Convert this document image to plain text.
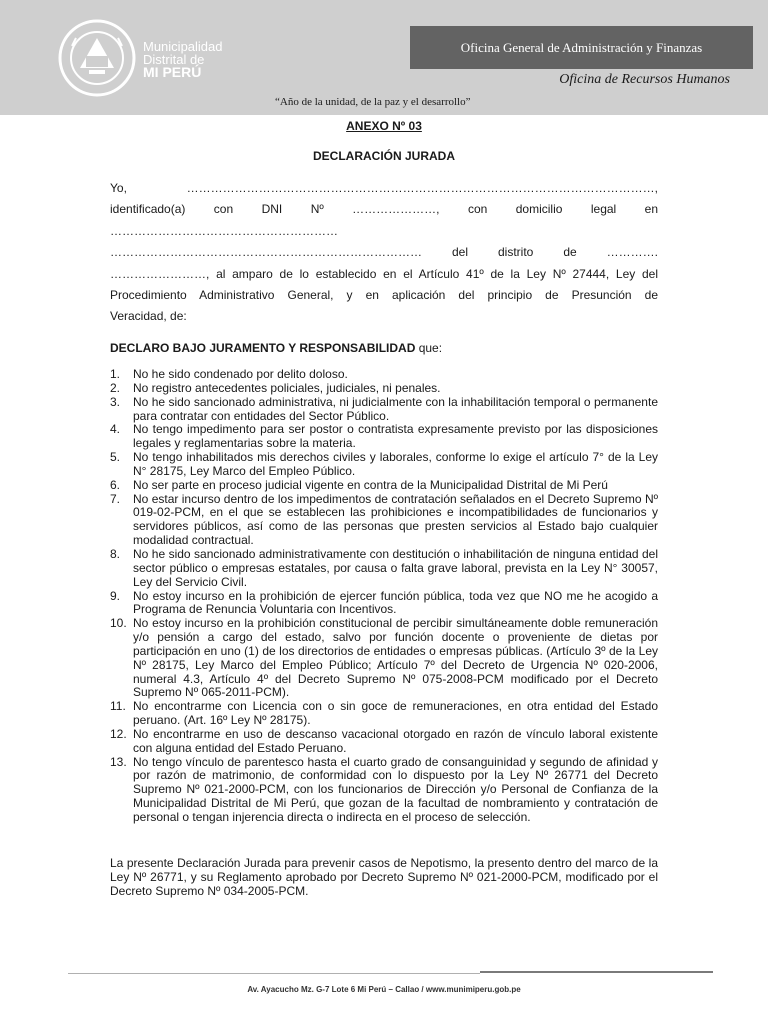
Municipalidad
Distrital de
MI PERÚ
Oficina General de Administración y Finanzas
Oficina de Recursos Humanos
“Año de la unidad, de la paz y el desarrollo”
ANEXO Nº 03
DECLARACIÓN JURADA

Yo, ………………………………………………………………………………………………………,

identificado(a) con DNI Nº …………………, con domicilio legal en

…………………………………………………

…………………………………………………………………… del distrito de ………….

……………………, al amparo de lo establecido en el Artículo 41º de la Ley Nº 27444, Ley del

Procedimiento Administrativo General, y en aplicación del principio de Presunción de

Veracidad, de:

DECLARO BAJO JURAMENTO Y RESPONSABILIDAD que:
1.	No he sido condenado por delito doloso.
2.	No registro antecedentes policiales, judiciales, ni penales.
3.	No he sido sancionado administrativa, ni judicialmente con la inhabilitación temporal o permanente para contratar con entidades del Sector Público.
4.	No tengo impedimento para ser postor o contratista expresamente previsto por las disposiciones legales y reglamentarias sobre la materia.
5.	No tengo inhabilitados mis derechos civiles y laborales, conforme lo exige el artículo 7° de la Ley N° 28175, Ley Marco del Empleo Público.
6.	No ser parte en proceso judicial vigente en contra de la Municipalidad Distrital de Mi Perú
7.	No estar incurso dentro de los impedimentos de contratación señalados en el Decreto Supremo Nº 019-02-PCM, en el que se establecen las prohibiciones e incompatibilidades de funcionarios y servidores públicos, así como de las personas que presten servicios al Estado bajo cualquier modalidad contractual.
8.	No he sido sancionado administrativamente con destitución o inhabilitación de ninguna entidad del sector público o empresas estatales, por causa o falta grave laboral, prevista en la Ley N° 30057, Ley del Servicio Civil.
9.	No estoy incurso en la prohibición de ejercer función pública, toda vez que NO me he acogido a Programa de Renuncia Voluntaria con Incentivos.
10. No estoy incurso en la prohibición constitucional de percibir simultáneamente doble remuneración y/o pensión a cargo del estado, salvo por función docente o proveniente de dietas por participación en uno (1) de los directorios de entidades o empresas públicas. (Artículo 3º de la Ley Nº 28175, Ley Marco del Empleo Público; Artículo 7º del Decreto de Urgencia Nº 020-2006, numeral 4.3, Artículo 4º del Decreto Supremo Nº 075-2008-PCM modificado por el Decreto Supremo Nº 065-2011-PCM).
11. No encontrarme con Licencia con o sin goce de remuneraciones, en otra entidad del Estado peruano. (Art. 16º Ley Nº 28175).
12. No encontrarme en uso de descanso vacacional otorgado en razón de vínculo laboral existente con alguna entidad del Estado Peruano.
13. No tengo vínculo de parentesco hasta el cuarto grado de consanguinidad y segundo de afinidad y por razón de matrimonio, de conformidad con lo dispuesto por la Ley Nº 26771 del Decreto Supremo Nº 021-2000-PCM, con los funcionarios de Dirección y/o Personal de Confianza de la Municipalidad Distrital de Mi Perú, que gozan de la facultad de nombramiento y contratación de personal o tengan injerencia directa o indirecta en el proceso de selección.

La presente Declaración Jurada para prevenir casos de Nepotismo, la presento dentro del marco de la Ley Nº 26771, y su Reglamento aprobado por Decreto Supremo Nº 021-2000-PCM, modificado por el Decreto Supremo Nº 034-2005-PCM.

Av. Ayacucho Mz. G-7 Lote 6 Mi Perú – Callao / www.munimiperu.gob.pe
